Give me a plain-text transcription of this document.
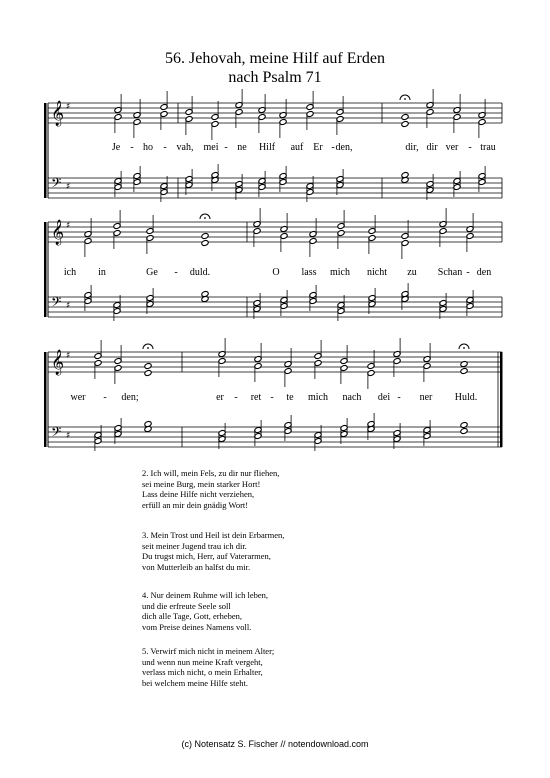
56. Jehovah, meine Hilf auf Erden
nach Psalm 71
𝄞 ♯
𝄢 ♯
Je - ho - vah, mei - ne Hilf auf Er - den,	dir, dir ver - trau
𝄞 ♯
𝄢 ♯
ich in	Ge - duld.	O lass mich nicht zu Schan - den
𝄞 ♯
𝄢 ♯
wer - den;	er - ret - te mich nach dei - ner Huld.
2. Ich will, mein Fels, zu dir nur fliehen,
sei meine Burg, mein starker Hort!
Lass deine Hilfe nicht verziehen,
erfüll an mir dein gnädig Wort!
3. Mein Trost und Heil ist dein Erbarmen,
seit meiner Jugend trau ich dir.
Du trugst mich, Herr, auf Vaterarmen,
von Mutterleib an halfst du mir.
4. Nur deinem Ruhme will ich leben,
und die erfreute Seele soll
dich alle Tage, Gott, erheben,
vom Preise deines Namens voll.
5. Verwirf mich nicht in meinem Alter;
und wenn nun meine Kraft vergeht,
verlass mich nicht, o mein Erhalter,
bei welchem meine Hilfe steht.
(c) Notensatz S. Fischer // notendownload.com
